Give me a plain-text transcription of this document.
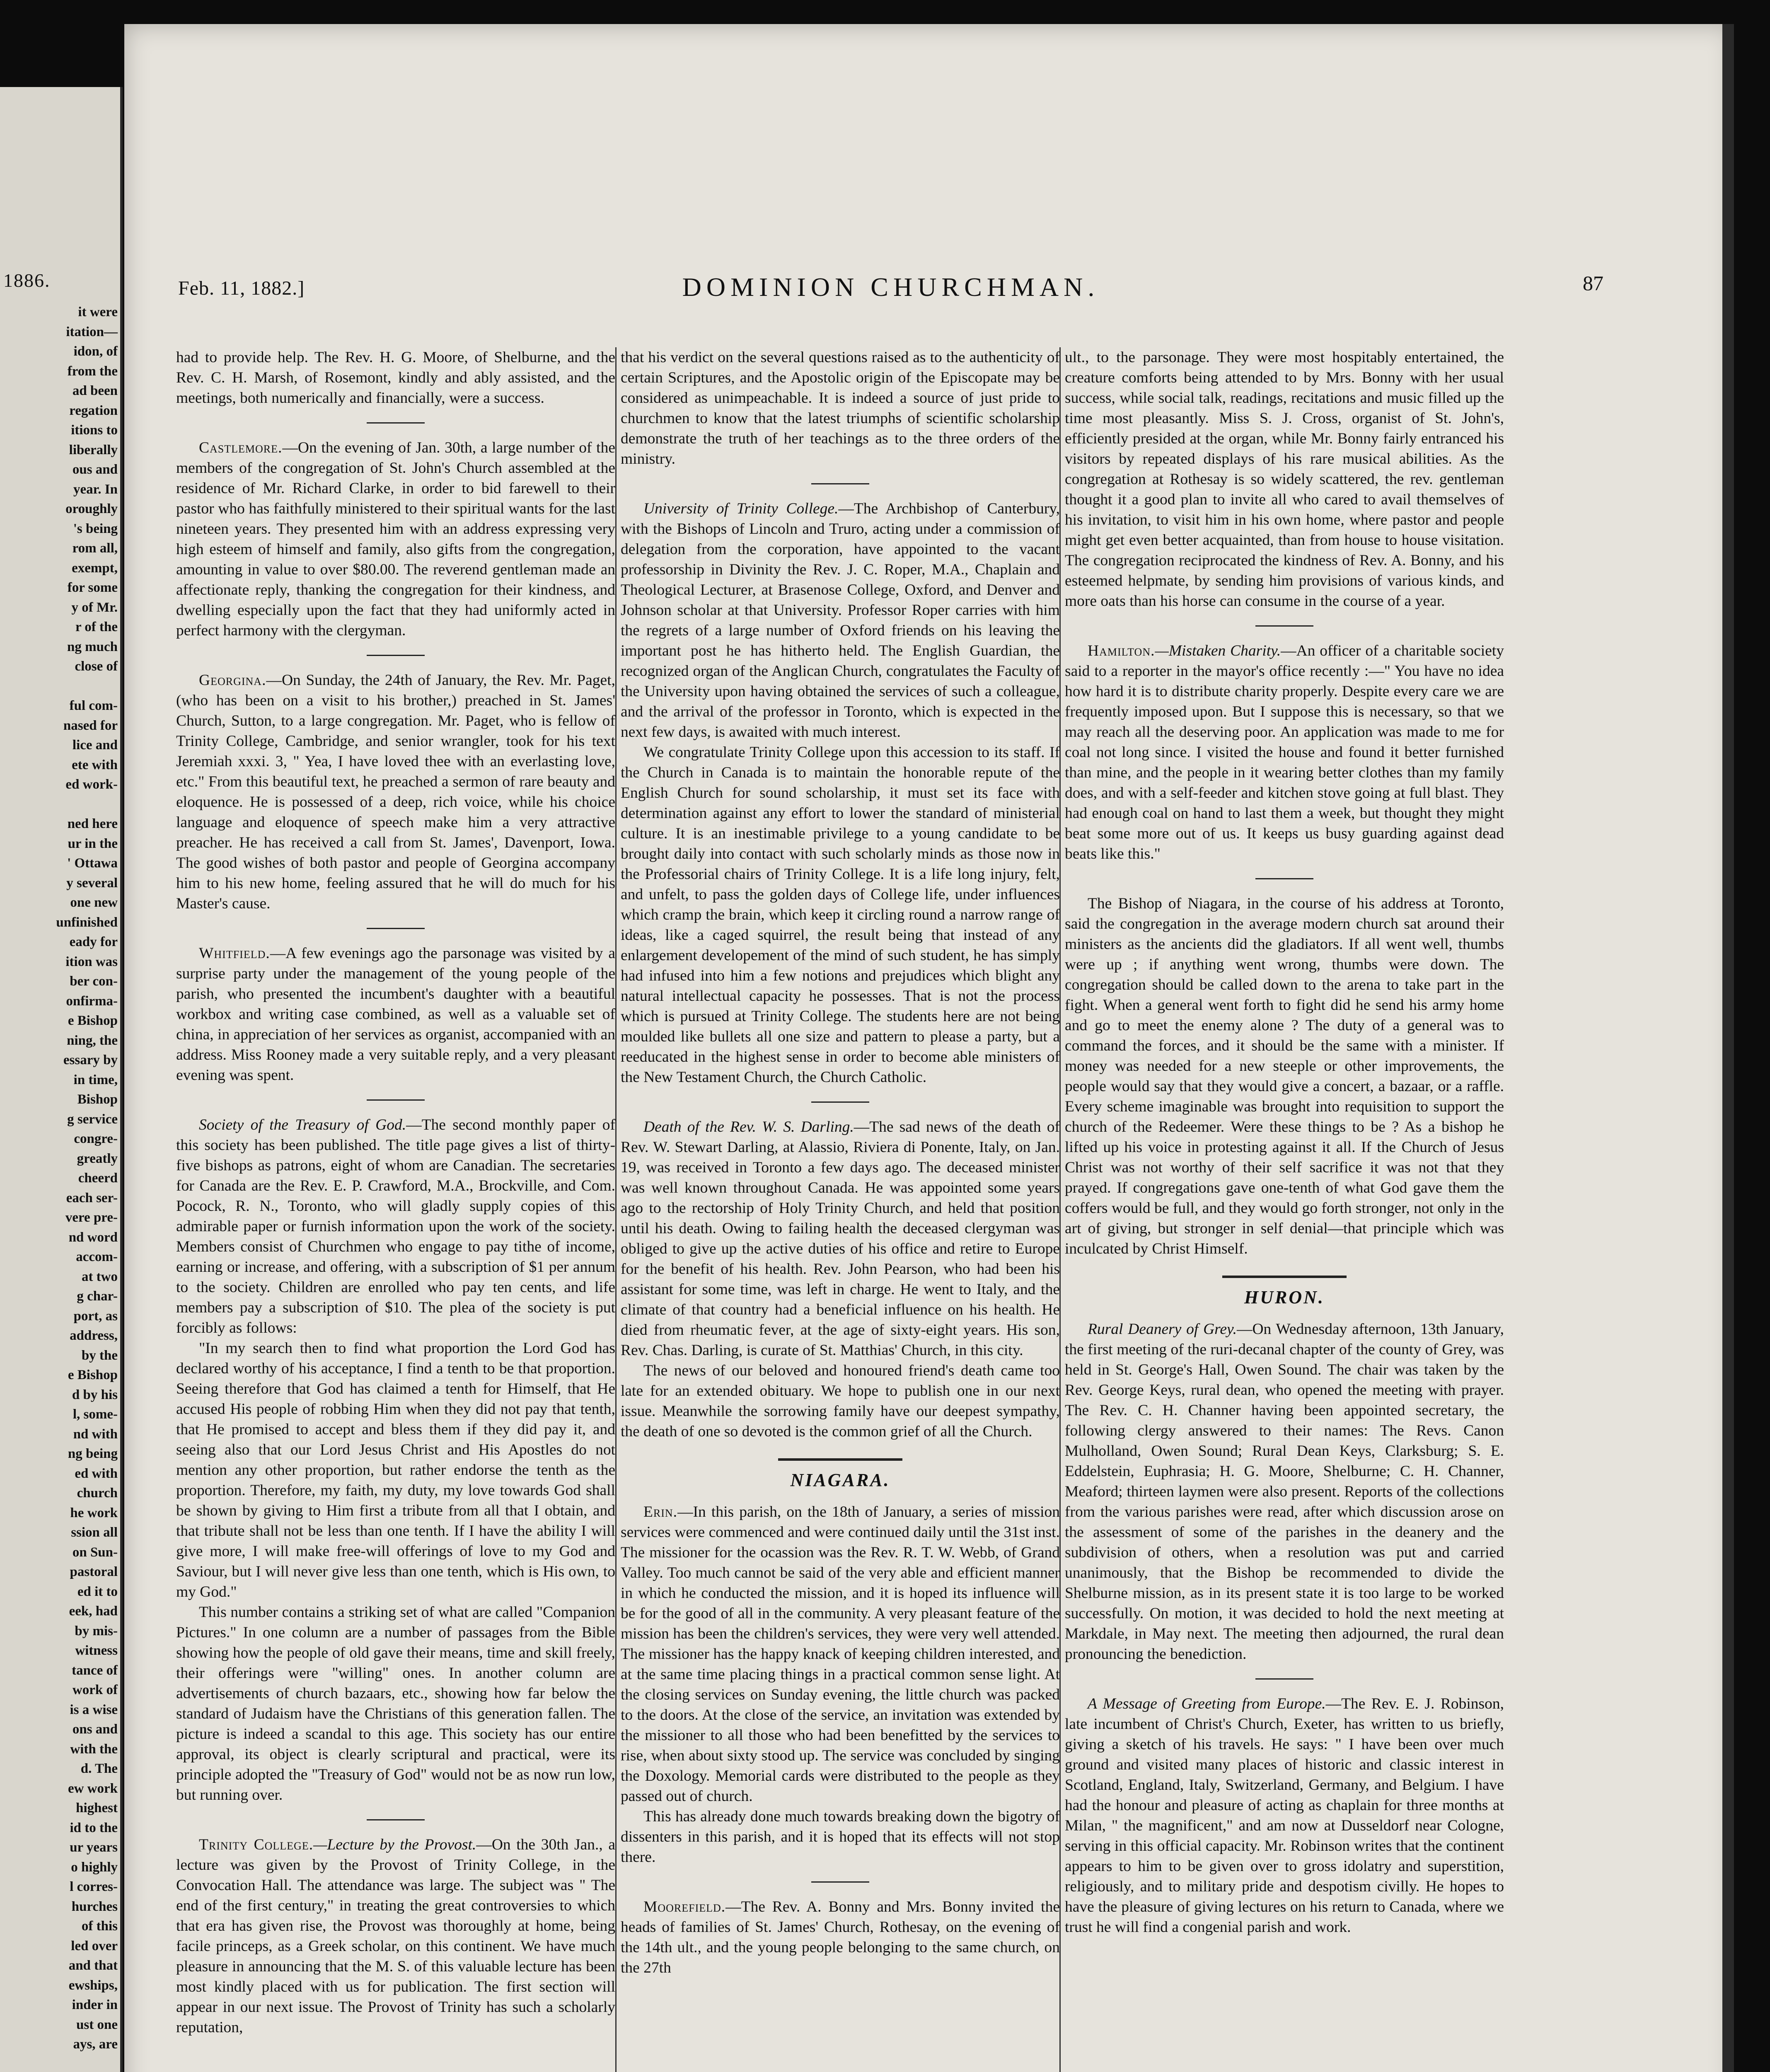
1886.
it were
itation—
idon, of
from the
ad been
regation
itions to
liberally
ous and
year. In
oroughly
's being
rom all,
exempt,
for some
y of Mr.
r of the
ng much
close of
ful com-
nased for
lice and
ete with
ed work-
ned here
ur in the
' Ottawa
y several
one new
unfinished
eady for
ition was
ber con-
onfirma-
e Bishop
ning, the
essary by
in time,
Bishop
g service
congre-
greatly
cheerd
each ser-
vere pre-
nd word
accom-
at two
g char-
port, as
address,
by the
e Bishop
d by his
l, some-
nd with
ng being
ed with
church
he work
ssion all
on Sun-
pastoral
ed it to
eek, had
by mis-
witness
tance of
work of
is a wise
ons and
with the
d. The
ew work
highest
id to the
ur years
o highly
l corres-
hurches
of this
led over
and that
ewships,
inder in
ust one
ays, are
Feb. 11, 1882.]	DOMINION CHURCHMAN.	87

had to provide help. The Rev. H. G. Moore, of Shelburne, and the Rev. C. H. Marsh, of Rosemont, kindly and ably assisted, and the meetings, both numerically and financially, were a success.

Castlemore.—On the evening of Jan. 30th, a large number of the members of the congregation of St. John's Church assembled at the residence of Mr. Richard Clarke, in order to bid farewell to their pastor who has faithfully ministered to their spiritual wants for the last nineteen years. They presented him with an address expressing very high esteem of himself and family, also gifts from the congregation, amounting in value to over $80.00. The reverend gentleman made an affectionate reply, thanking the congregation for their kindness, and dwelling especially upon the fact that they had uniformly acted in perfect harmony with the clergyman.

Georgina.—On Sunday, the 24th of January, the Rev. Mr. Paget, (who has been on a visit to his brother,) preached in St. James' Church, Sutton, to a large congregation. Mr. Paget, who is fellow of Trinity College, Cambridge, and senior wrangler, took for his text Jeremiah xxxi. 3, " Yea, I have loved thee with an everlasting love, etc." From this beautiful text, he preached a sermon of rare beauty and eloquence. He is possessed of a deep, rich voice, while his choice language and eloquence of speech make him a very attractive preacher. He has received a call from St. James', Davenport, Iowa. The good wishes of both pastor and people of Georgina accompany him to his new home, feeling assured that he will do much for his Master's cause.

Whitfield.—A few evenings ago the parsonage was visited by a surprise party under the management of the young people of the parish, who presented the incumbent's daughter with a beautiful workbox and writing case combined, as well as a valuable set of china, in appreciation of her services as organist, accompanied with an address. Miss Rooney made a very suitable reply, and a very pleasant evening was spent.

Society of the Treasury of God.—The second monthly paper of this society has been published. The title page gives a list of thirty-five bishops as patrons, eight of whom are Canadian. The secretaries for Canada are the Rev. E. P. Crawford, M.A., Brockville, and Com. Pocock, R. N., Toronto, who will gladly supply copies of this admirable paper or furnish information upon the work of the society. Members consist of Churchmen who engage to pay tithe of income, earning or increase, and offering, with a subscription of $1 per annum to the society. Children are enrolled who pay ten cents, and life members pay a subscription of $10. The plea of the society is put forcibly as follows:

"In my search then to find what proportion the Lord God has declared worthy of his acceptance, I find a tenth to be that proportion. Seeing therefore that God has claimed a tenth for Himself, that He accused His people of robbing Him when they did not pay that tenth, that He promised to accept and bless them if they did pay it, and seeing also that our Lord Jesus Christ and His Apostles do not mention any other proportion, but rather endorse the tenth as the proportion. Therefore, my faith, my duty, my love towards God shall be shown by giving to Him first a tribute from all that I obtain, and that tribute shall not be less than one tenth. If I have the ability I will give more, I will make free-will offerings of love to my God and Saviour, but I will never give less than one tenth, which is His own, to my God."

This number contains a striking set of what are called "Companion Pictures." In one column are a number of passages from the Bible showing how the people of old gave their means, time and skill freely, their offerings were "willing" ones. In another column are advertisements of church bazaars, etc., showing how far below the standard of Judaism have the Christians of this generation fallen. The picture is indeed a scandal to this age. This society has our entire approval, its object is clearly scriptural and practical, were its principle adopted the "Treasury of God" would not be as now run low, but running over.

Trinity College.—Lecture by the Provost.—On the 30th Jan., a lecture was given by the Provost of Trinity College, in the Convocation Hall. The attendance was large. The subject was " The end of the first century," in treating the great controversies to which that era has given rise, the Provost was thoroughly at home, being facile princeps, as a Greek scholar, on this continent. We have much pleasure in announcing that the M. S. of this valuable lecture has been most kindly placed with us for publication. The first section will appear in our next issue. The Provost of Trinity has such a scholarly reputation,

that his verdict on the several questions raised as to the authenticity of certain Scriptures, and the Apostolic origin of the Episcopate may be considered as unimpeachable. It is indeed a source of just pride to churchmen to know that the latest triumphs of scientific scholarship demonstrate the truth of her teachings as to the three orders of the ministry.

University of Trinity College.—The Archbishop of Canterbury, with the Bishops of Lincoln and Truro, acting under a commission of delegation from the corporation, have appointed to the vacant professorship in Divinity the Rev. J. C. Roper, M.A., Chaplain and Theological Lecturer, at Brasenose College, Oxford, and Denver and Johnson scholar at that University. Professor Roper carries with him the regrets of a large number of Oxford friends on his leaving the important post he has hitherto held. The English Guardian, the recognized organ of the Anglican Church, congratulates the Faculty of the University upon having obtained the services of such a colleague, and the arrival of the professor in Toronto, which is expected in the next few days, is awaited with much interest.

We congratulate Trinity College upon this accession to its staff. If the Church in Canada is to maintain the honorable repute of the English Church for sound scholarship, it must set its face with determination against any effort to lower the standard of ministerial culture. It is an inestimable privilege to a young candidate to be brought daily into contact with such scholarly minds as those now in the Professorial chairs of Trinity College. It is a life long injury, felt, and unfelt, to pass the golden days of College life, under influences which cramp the brain, which keep it circling round a narrow range of ideas, like a caged squirrel, the result being that instead of any enlargement developement of the mind of such student, he has simply had infused into him a few notions and prejudices which blight any natural intellectual capacity he possesses. That is not the process which is pursued at Trinity College. The students here are not being moulded like bullets all one size and pattern to please a party, but a reeducated in the highest sense in order to become able ministers of the New Testament Church, the Church Catholic.

Death of the Rev. W. S. Darling.—The sad news of the death of Rev. W. Stewart Darling, at Alassio, Riviera di Ponente, Italy, on Jan. 19, was received in Toronto a few days ago. The deceased minister was well known throughout Canada. He was appointed some years ago to the rectorship of Holy Trinity Church, and held that position until his death. Owing to failing health the deceased clergyman was obliged to give up the active duties of his office and retire to Europe for the benefit of his health. Rev. John Pearson, who had been his assistant for some time, was left in charge. He went to Italy, and the climate of that country had a beneficial influence on his health. He died from rheumatic fever, at the age of sixty-eight years. His son, Rev. Chas. Darling, is curate of St. Matthias' Church, in this city.

The news of our beloved and honoured friend's death came too late for an extended obituary. We hope to publish one in our next issue. Meanwhile the sorrowing family have our deepest sympathy, the death of one so devoted is the common grief of all the Church.

NIAGARA.

Erin.—In this parish, on the 18th of January, a series of mission services were commenced and were continued daily until the 31st inst. The missioner for the ocassion was the Rev. R. T. W. Webb, of Grand Valley. Too much cannot be said of the very able and efficient manner in which he conducted the mission, and it is hoped its influence will be for the good of all in the community. A very pleasant feature of the mission has been the children's services, they were very well attended. The missioner has the happy knack of keeping children interested, and at the same time placing things in a practical common sense light. At the closing services on Sunday evening, the little church was packed to the doors. At the close of the service, an invitation was extended by the missioner to all those who had been benefitted by the services to rise, when about sixty stood up. The service was concluded by singing the Doxology. Memorial cards were distributed to the people as they passed out of church.

This has already done much towards breaking down the bigotry of dissenters in this parish, and it is hoped that its effects will not stop there.

Moorefield.—The Rev. A. Bonny and Mrs. Bonny invited the heads of families of St. James' Church, Rothesay, on the evening of the 14th ult., and the young people belonging to the same church, on the 27th

ult., to the parsonage. They were most hospitably entertained, the creature comforts being attended to by Mrs. Bonny with her usual success, while social talk, readings, recitations and music filled up the time most pleasantly. Miss S. J. Cross, organist of St. John's, efficiently presided at the organ, while Mr. Bonny fairly entranced his visitors by repeated displays of his rare musical abilities. As the congregation at Rothesay is so widely scattered, the rev. gentleman thought it a good plan to invite all who cared to avail themselves of his invitation, to visit him in his own home, where pastor and people might get even better acquainted, than from house to house visitation. The congregation reciprocated the kindness of Rev. A. Bonny, and his esteemed helpmate, by sending him provisions of various kinds, and more oats than his horse can consume in the course of a year.

Hamilton.—Mistaken Charity.—An officer of a charitable society said to a reporter in the mayor's office recently :—" You have no idea how hard it is to distribute charity properly. Despite every care we are frequently imposed upon. But I suppose this is necessary, so that we may reach all the deserving poor. An application was made to me for coal not long since. I visited the house and found it better furnished than mine, and the people in it wearing better clothes than my family does, and with a self-feeder and kitchen stove going at full blast. They had enough coal on hand to last them a week, but thought they might beat some more out of us. It keeps us busy guarding against dead beats like this."

The Bishop of Niagara, in the course of his address at Toronto, said the congregation in the average modern church sat around their ministers as the ancients did the gladiators. If all went well, thumbs were up ; if anything went wrong, thumbs were down. The congregation should be called down to the arena to take part in the fight. When a general went forth to fight did he send his army home and go to meet the enemy alone ? The duty of a general was to command the forces, and it should be the same with a minister. If money was needed for a new steeple or other improvements, the people would say that they would give a concert, a bazaar, or a raffle. Every scheme imaginable was brought into requisition to support the church of the Redeemer. Were these things to be ? As a bishop he lifted up his voice in protesting against it all. If the Church of Jesus Christ was not worthy of their self sacrifice it was not that they prayed. If congregations gave one-tenth of what God gave them the coffers would be full, and they would go forth stronger, not only in the art of giving, but stronger in self denial—that principle which was inculcated by Christ Himself.

HURON.

Rural Deanery of Grey.—On Wednesday afternoon, 13th January, the first meeting of the ruri-decanal chapter of the county of Grey, was held in St. George's Hall, Owen Sound. The chair was taken by the Rev. George Keys, rural dean, who opened the meeting with prayer. The Rev. C. H. Channer having been appointed secretary, the following clergy answered to their names: The Revs. Canon Mulholland, Owen Sound; Rural Dean Keys, Clarksburg; S. E. Eddelstein, Euphrasia; H. G. Moore, Shelburne; C. H. Channer, Meaford; thirteen laymen were also present. Reports of the collections from the various parishes were read, after which discussion arose on the assessment of some of the parishes in the deanery and the subdivision of others, when a resolution was put and carried unanimously, that the Bishop be recommended to divide the Shelburne mission, as in its present state it is too large to be worked successfully. On motion, it was decided to hold the next meeting at Markdale, in May next. The meeting then adjourned, the rural dean pronouncing the benediction.

A Message of Greeting from Europe.—The Rev. E. J. Robinson, late incumbent of Christ's Church, Exeter, has written to us briefly, giving a sketch of his travels. He says: " I have been over much ground and visited many places of historic and classic interest in Scotland, England, Italy, Switzerland, Germany, and Belgium. I have had the honour and pleasure of acting as chaplain for three months at Milan, " the magnificent," and am now at Dusseldorf near Cologne, serving in this official capacity. Mr. Robinson writes that the continent appears to him to be given over to gross idolatry and superstition, religiously, and to military pride and despotism civilly. He hopes to have the pleasure of giving lectures on his return to Canada, where we trust he will find a congenial parish and work.
